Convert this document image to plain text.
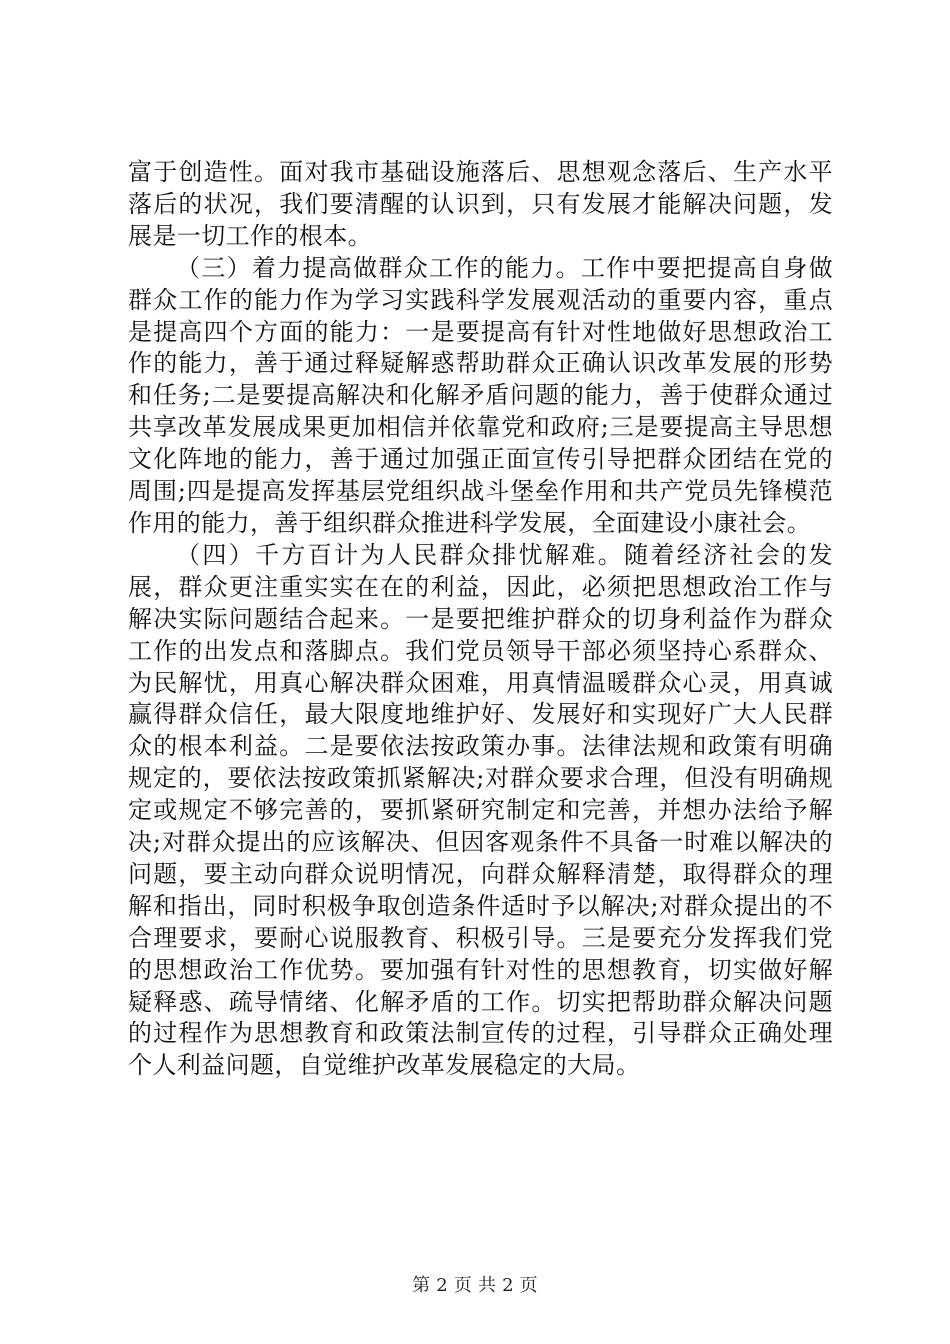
富于创造性。面对我市基础设施落后、思想观念落后、生产水平落后的状况，我们要清醒的认识到，只有发展才能解决问题，发展是一切工作的根本。

（三）着力提高做群众工作的能力。工作中要把提高自身做群众工作的能力作为学习实践科学发展观活动的重要内容，重点是提高四个方面的能力：一是要提高有针对性地做好思想政治工作的能力，善于通过释疑解惑帮助群众正确认识改革发展的形势和任务;二是要提高解决和化解矛盾问题的能力，善于使群众通过共享改革发展成果更加相信并依靠党和政府;三是要提高主导思想文化阵地的能力，善于通过加强正面宣传引导把群众团结在党的周围;四是提高发挥基层党组织战斗堡垒作用和共产党员先锋模范作用的能力，善于组织群众推进科学发展，全面建设小康社会。

（四）千方百计为人民群众排忧解难。随着经济社会的发展，群众更注重实实在在的利益，因此，必须把思想政治工作与解决实际问题结合起来。一是要把维护群众的切身利益作为群众工作的出发点和落脚点。我们党员领导干部必须坚持心系群众、为民解忧，用真心解决群众困难，用真情温暖群众心灵，用真诚赢得群众信任，最大限度地维护好、发展好和实现好广大人民群众的根本利益。二是要依法按政策办事。法律法规和政策有明确规定的，要依法按政策抓紧解决;对群众要求合理，但没有明确规定或规定不够完善的，要抓紧研究制定和完善，并想办法给予解决;对群众提出的应该解决、但因客观条件不具备一时难以解决的问题，要主动向群众说明情况，向群众解释清楚，取得群众的理解和指出，同时积极争取创造条件适时予以解决;对群众提出的不合理要求，要耐心说服教育、积极引导。三是要充分发挥我们党的思想政治工作优势。要加强有针对性的思想教育，切实做好解疑释惑、疏导情绪、化解矛盾的工作。切实把帮助群众解决问题的过程作为思想教育和政策法制宣传的过程，引导群众正确处理个人利益问题，自觉维护改革发展稳定的大局。

第 2 页 共 2 页
